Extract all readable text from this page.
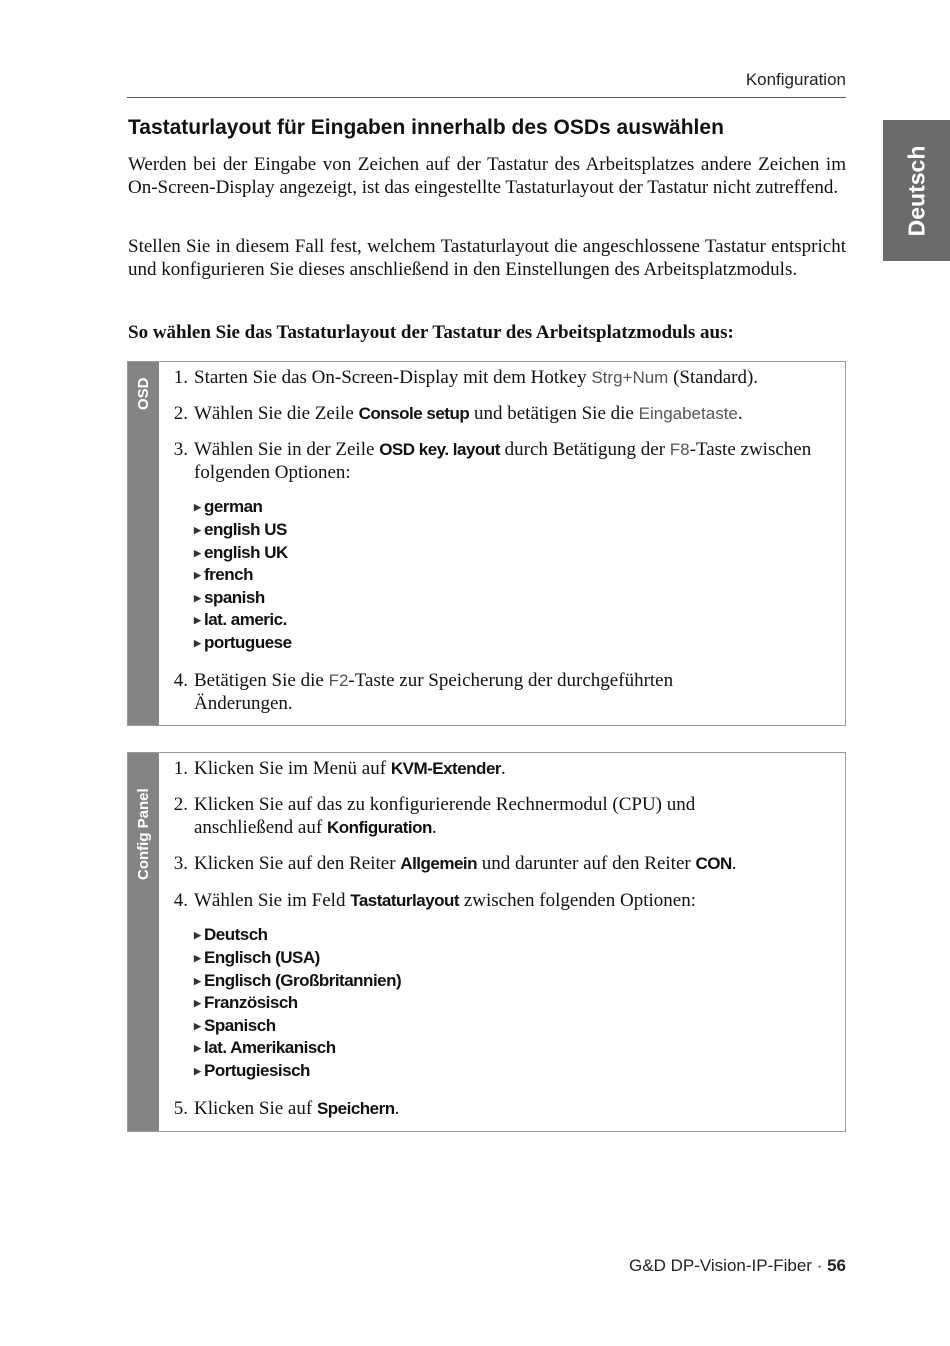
Konfiguration
Deutsch
Tastaturlayout für Eingaben innerhalb des OSDs auswählen

Werden bei der Eingabe von Zeichen auf der Tastatur des Arbeitsplatzes andere Zeichen im On-Screen-Display angezeigt, ist das eingestellte Tastaturlayout der Tastatur nicht zutreffend.

Stellen Sie in diesem Fall fest, welchem Tastaturlayout die angeschlossene Tastatur entspricht und konfigurieren Sie dieses anschließend in den Einstellungen des Arbeitsplatzmoduls.

So wählen Sie das Tastaturlayout der Tastatur des Arbeitsplatzmoduls aus:

OSD	1. Starten Sie das On-Screen-Display mit dem Hotkey Strg+Num (Standard).
2. Wählen Sie die Zeile Console setup und betätigen Sie die Eingabetaste.
3. Wählen Sie in der Zeile OSD key. layout durch Betätigung der F8-Taste zwischen folgenden Optionen:
▶ german
▶ english US
▶ english UK
▶ french
▶ spanish
▶ lat. americ.
▶ portuguese
4. Betätigen Sie die F2-Taste zur Speicherung der durchgeführten Änderungen.
Config Panel
1. Klicken Sie im Menü auf KVM-Extender.
2. Klicken Sie auf das zu konfigurierende Rechnermodul (CPU) und anschließend auf Konfiguration.
3. Klicken Sie auf den Reiter Allgemein und darunter auf den Reiter CON.
4. Wählen Sie im Feld Tastaturlayout zwischen folgenden Optionen:
▶ Deutsch
▶ Englisch (USA)
▶ Englisch (Großbritannien)
▶ Französisch
▶ Spanisch
▶ lat. Amerikanisch
▶ Portugiesisch
5. Klicken Sie auf Speichern.
G&D DP-Vision-IP-Fiber · 56
